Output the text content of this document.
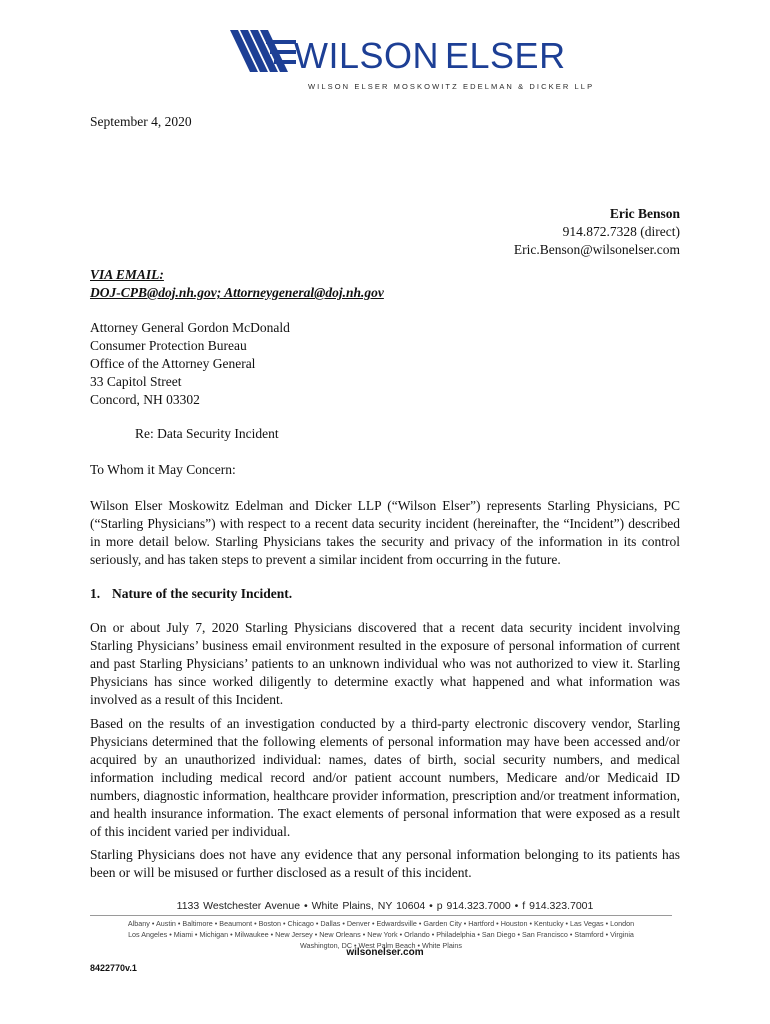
WILSON ELSER
WILSON ELSER MOSKOWITZ EDELMAN & DICKER LLP
September 4, 2020
Eric Benson
914.872.7328 (direct)
Eric.Benson@wilsonelser.com
VIA EMAIL:
DOJ-CPB@doj.nh.gov; Attorneygeneral@doj.nh.gov
Attorney General Gordon McDonald
Consumer Protection Bureau
Office of the Attorney General
33 Capitol Street
Concord, NH 03302
Re: Data Security Incident
To Whom it May Concern:
Wilson Elser Moskowitz Edelman and Dicker LLP (“Wilson Elser”) represents Starling Physicians, PC (“Starling Physicians”) with respect to a recent data security incident (hereinafter, the “Incident”) described in more detail below. Starling Physicians takes the security and privacy of the information in its control seriously, and has taken steps to prevent a similar incident from occurring in the future.
1. Nature of the security Incident.
On or about July 7, 2020 Starling Physicians discovered that a recent data security incident involving Starling Physicians’ business email environment resulted in the exposure of personal information of current and past Starling Physicians’ patients to an unknown individual who was not authorized to view it. Starling Physicians has since worked diligently to determine exactly what happened and what information was involved as a result of this Incident.
Based on the results of an investigation conducted by a third-party electronic discovery vendor, Starling Physicians determined that the following elements of personal information may have been accessed and/or acquired by an unauthorized individual: names, dates of birth, social security numbers, and medical information including medical record and/or patient account numbers, Medicare and/or Medicaid ID numbers, diagnostic information, healthcare provider information, prescription and/or treatment information, and health insurance information. The exact elements of personal information that were exposed as a result of this incident varied per individual.
Starling Physicians does not have any evidence that any personal information belonging to its patients has been or will be misused or further disclosed as a result of this incident.
1133 Westchester Avenue • White Plains, NY 10604 • p 914.323.7000 • f 914.323.7001
Albany • Austin • Baltimore • Beaumont • Boston • Chicago • Dallas • Denver • Edwardsville • Garden City • Hartford • Houston • Kentucky • Las Vegas • London
Los Angeles • Miami • Michigan • Milwaukee • New Jersey • New Orleans • New York • Orlando • Philadelphia • San Diego • San Francisco • Stamford • Virginia
Washington, DC • West Palm Beach • White Plains
wilsonelser.com
8422770v.1
